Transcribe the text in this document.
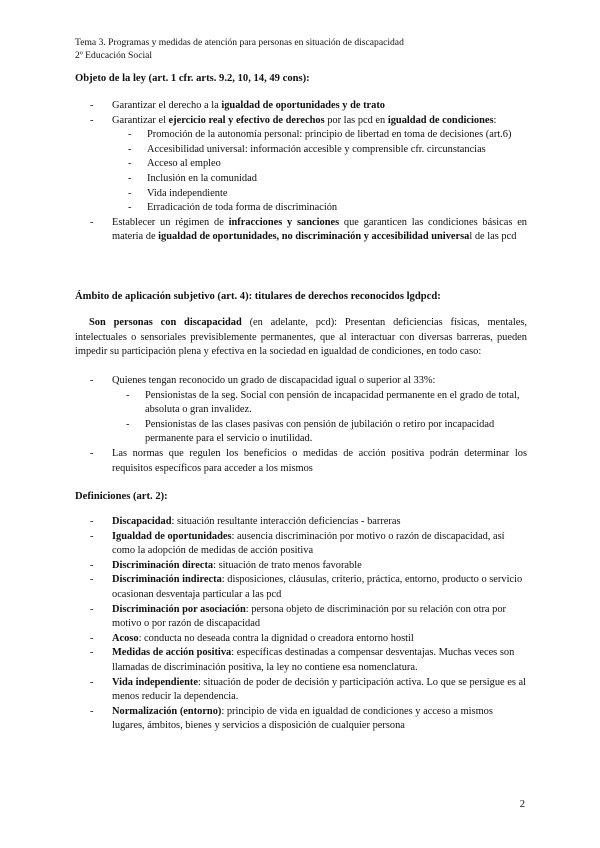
Tema 3. Programas y medidas de atención para personas en situación de discapacidad
2º Educación Social
Objeto de la ley (art. 1 cfr. arts. 9.2, 10, 14, 49 cons):
-	Garantizar el derecho a la igualdad de oportunidades y de trato
-	Garantizar el ejercicio real y efectivo de derechos por las pcd en igualdad de condiciones:
-	Promoción de la autonomía personal: principio de libertad en toma de decisiones (art.6)
-	Accesibilidad universal: información accesible y comprensible cfr. circunstancias
-	Acceso al empleo
-	Inclusión en la comunidad
-	Vida independiente
-	Erradicación de toda forma de discriminación
-	Establecer un régimen de infracciones y sanciones que garanticen las condiciones básicas en materia de igualdad de oportunidades, no discriminación y accesibilidad universal de las pcd
Ámbito de aplicación subjetivo (art. 4): titulares de derechos reconocidos lgdpcd:
Son personas con discapacidad (en adelante, pcd): Presentan deficiencias físicas, mentales, intelectuales o sensoriales previsiblemente permanentes, que al interactuar con diversas barreras, pueden impedir su participación plena y efectiva en la sociedad en igualdad de condiciones, en todo caso:
-	Quienes tengan reconocido un grado de discapacidad igual o superior al 33%:
-	Pensionistas de la seg. Social con pensión de incapacidad permanente en el grado de total, absoluta o gran invalidez.
-	Pensionistas de las clases pasivas con pensión de jubilación o retiro por incapacidad permanente para el servicio o inutilidad.
-	Las normas que regulen los beneficios o medidas de acción positiva podrán determinar los requisitos específicos para acceder a los mismos
Definiciones (art. 2):
-	Discapacidad: situación resultante interacción deficiencias - barreras
-	Igualdad de oportunidades: ausencia discriminación por motivo o razón de discapacidad, así como la adopción de medidas de acción positiva
-	Discriminación directa: situación de trato menos favorable
-	Discriminación indirecta: disposiciones, cláusulas, criterio, práctica, entorno, producto o servicio ocasionan desventaja particular a las pcd
-	Discriminación por asociación: persona objeto de discriminación por su relación con otra por motivo o por razón de discapacidad
-	Acoso: conducta no deseada contra la dignidad o creadora entorno hostil
-	Medidas de acción positiva: específicas destinadas a compensar desventajas. Muchas veces son llamadas de discriminación positiva, la ley no contiene esa nomenclatura.
-	Vida independiente: situación de poder de decisión y participación activa. Lo que se persigue es al menos reducir la dependencia.
-	Normalización (entorno): principio de vida en igualdad de condiciones y acceso a mismos lugares, ámbitos, bienes y servicios a disposición de cualquier persona
2
